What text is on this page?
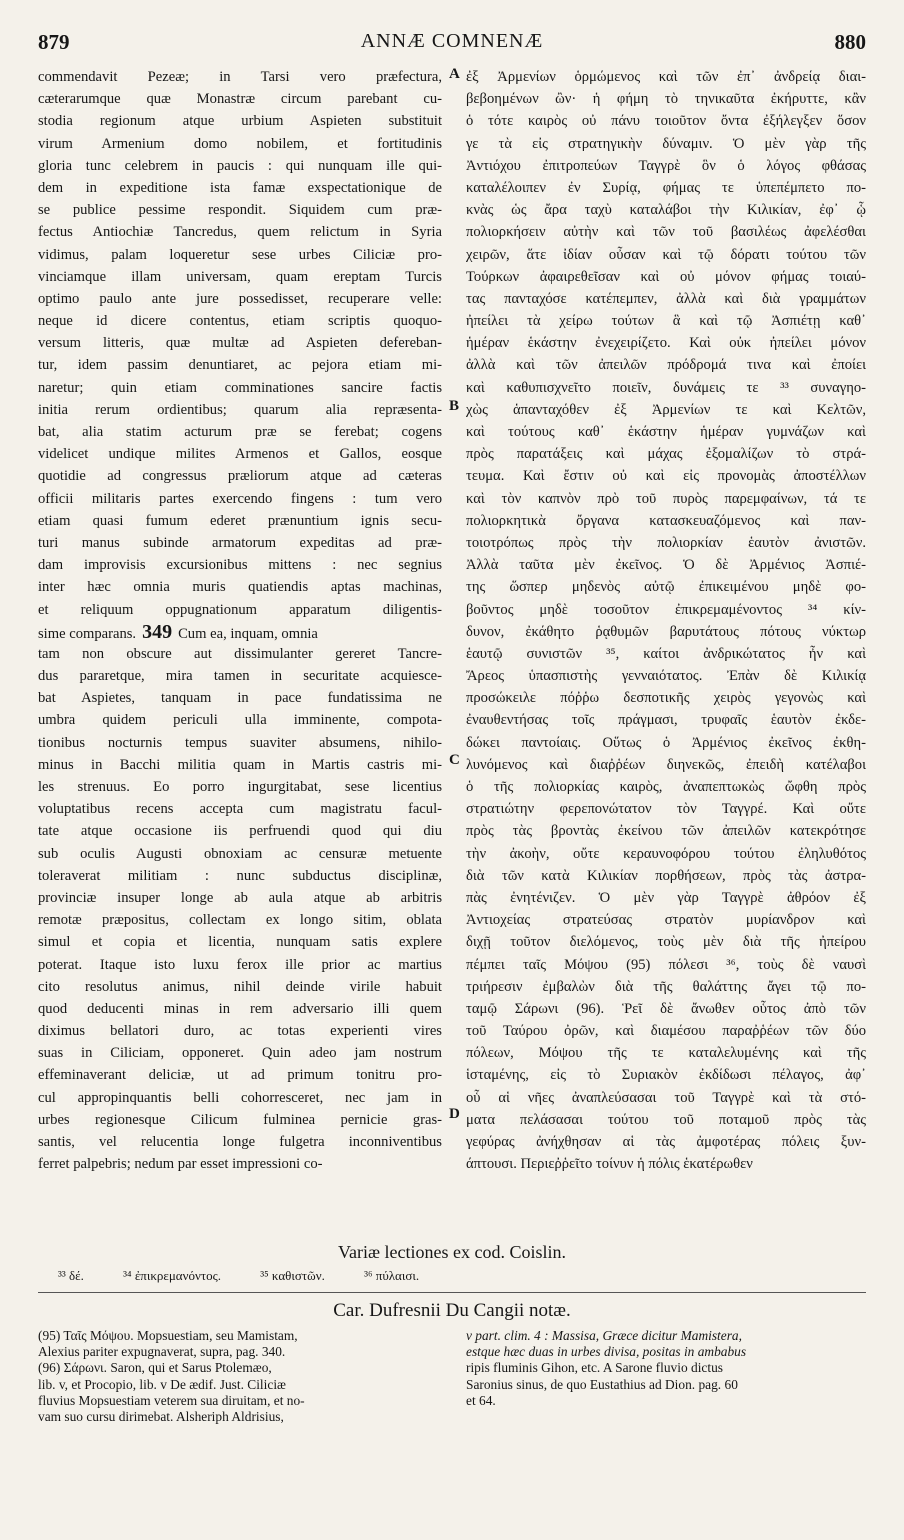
879	ANNÆ COMNENÆ	880
commendavit Pezeæ; in Tarsi vero præfectura,
cæterarumque quæ Monastræ circum parebant cu-
stodia regionum atque urbium Aspieten substituit
virum Armenium domo nobilem, et fortitudinis
gloria tunc celebrem in paucis : qui nunquam ille qui-
dem in expeditione ista famæ exspectationique de
se publice pessime respondit. Siquidem cum præ-
fectus Antiochiæ Tancredus, quem relictum in Syria
vidimus, palam loqueretur sese urbes Ciliciæ pro-
vinciamque illam universam, quam ereptam Turcis
optimo paulo ante jure possedisset, recuperare velle:
neque id dicere contentus, etiam scriptis quoquo-
versum litteris, quæ multæ ad Aspieten defereban-
tur, idem passim denuntiaret, ac pejora etiam mi-
naretur; quin etiam comminationes sancire factis
initia rerum ordientibus; quarum alia repræsenta-
bat, alia statim acturum præ se ferebat; cogens
videlicet undique milites Armenos et Gallos, eosque
quotidie ad congressus præliorum atque ad cæteras
officii militaris partes exercendo fingens : tum vero
etiam quasi fumum ederet prænuntium ignis secu-
turi manus subinde armatorum expeditas ad præ-
dam improvisis excursionibus mittens : nec segnius
inter hæc omnia muris quatiendis aptas machinas,
et reliquum oppugnationum apparatum diligentis-
sime comparans. 349 Cum ea, inquam, omnia
tam non obscure aut dissimulanter gereret Tancre-
dus pararetque, mira tamen in securitate acquiesce-
bat Aspietes, tanquam in pace fundatissima ne
umbra quidem periculi ulla imminente, compota-
tionibus nocturnis tempus suaviter absumens, nihilo-
minus in Bacchi militia quam in Martis castris mi-
les strenuus. Eo porro ingurgitabat, sese licentius
voluptatibus recens accepta cum magistratu facul-
tate atque occasione iis perfruendi quod qui diu
sub oculis Augusti obnoxiam ac censuræ metuente
toleraverat militiam : nunc subductus disciplinæ,
provinciæ insuper longe ab aula atque ab arbitris
remotæ præpositus, collectam ex longo sitim, oblata
simul et copia et licentia, nunquam satis explere
poterat. Itaque isto luxu ferox ille prior ac martius
cito resolutus animus, nihil deinde virile habuit
quod deducenti minas in rem adversario illi quem
diximus bellatori duro, ac totas experienti vires
suas in Ciliciam, opponeret. Quin adeo jam nostrum
effeminaverant deliciæ, ut ad primum tonitru pro-
cul appropinquantis belli cohorresceret, nec jam in
urbes regionesque Cilicum fulminea pernicie gras-
santis, vel relucentia longe fulgetra inconniventibus
ferret palpebris; nedum par esset impressioni co-
A
B
C
D
ἐξ Ἀρμενίων ὁρμώμενος καὶ τῶν ἐπ᾽ ἀνδρείᾳ διαι-
βεβοημένων ὢν· ἡ φήμη τὸ τηνικαῦτα ἐκήρυττε, κἂν
ὁ τότε καιρὸς οὐ πάνυ τοιοῦτον ὄντα ἐξήλεγξεν ὅσον
γε τὰ εἰς στρατηγικὴν δύναμιν. Ὁ μὲν γὰρ τῆς
Ἀντιόχου ἐπιτροπεύων Ταγγρὲ ὃν ὁ λόγος φθάσας
καταλέλοιπεν ἐν Συρίᾳ, φήμας τε ὑπεπέμπετο πο-
κνὰς ὡς ἄρα ταχὺ καταλάβοι τὴν Κιλικίαν, ἐφ᾽ ᾧ
πολιορκήσειν αὐτὴν καὶ τῶν τοῦ βασιλέως ἀφελέσθαι
χειρῶν, ἅτε ἰδίαν οὖσαν καὶ τῷ δόρατι τούτου τῶν
Τούρκων ἀφαιρεθεῖσαν καὶ οὐ μόνον φήμας τοιαύ-
τας πανταχόσε κατέπεμπεν, ἀλλὰ καὶ διὰ γραμμάτων
ἠπείλει τὰ χείρω τούτων ἃ καὶ τῷ Ἀσπιέτῃ καθ᾽
ἡμέραν ἑκάστην ἐνεχειρίζετο. Καὶ οὐκ ἠπείλει μόνον
ἀλλὰ καὶ τῶν ἀπειλῶν πρόδρομά τινα καὶ ἐποίει
καὶ καθυπισχνεῖτο ποιεῖν, δυνάμεις τε ³³ συναγηο-
χὼς ἁπανταχόθεν ἐξ Ἀρμενίων τε καὶ Κελτῶν,
καὶ τούτους καθ᾽ ἑκάστην ἡμέραν γυμνάζων καὶ
πρὸς παρατάξεις καὶ μάχας ἐξομαλίζων τὸ στρά-
τευμα. Καὶ ἔστιν οὐ καὶ εἰς προνομὰς ἀποστέλλων
καὶ τὸν καπνὸν πρὸ τοῦ πυρὸς παρεμφαίνων, τά τε
πολιορκητικὰ ὄργανα κατασκευαζόμενος καὶ παν-
τοιοτρόπως πρὸς τὴν πολιορκίαν ἑαυτὸν ἀνιστῶν.
Ἀλλὰ ταῦτα μὲν ἐκεῖνος. Ὁ δὲ Ἀρμένιος Ἀσπιέ-
της ὥσπερ μηδενὸς αὐτῷ ἐπικειμένου μηδὲ φο-
βοῦντος μηδὲ τοσοῦτον ἐπικρεμαμένοντος ³⁴ κίν-
δυνον, ἐκάθητο ῥᾳθυμῶν βαρυτάτους πότους νύκτωρ
ἑαυτῷ συνιστῶν ³⁵, καίτοι ἀνδρικώτατος ἦν καὶ
Ἄρεος ὑπασπιστὴς γενναιότατος. Ἐπὰν δὲ Κιλικίᾳ
προσώκειλε πόῤῥω δεσποτικῆς χειρὸς γεγονὼς καὶ
ἐναυθεντήσας τοῖς πράγμασι, τρυφαῖς ἑαυτὸν ἐκδε-
δώκει παντοίαις. Οὕτως ὁ Ἀρμένιος ἐκεῖνος ἐκθη-
λυνόμενος καὶ διαῤῥέων διηνεκῶς, ἐπειδὴ κατέλαβοι
ὁ τῆς πολιορκίας καιρὸς, ἀναπεπτωκὼς ὤφθη πρὸς
στρατιώτην φερεπονώτατον τὸν Ταγγρέ. Καὶ οὔτε
πρὸς τὰς βροντὰς ἐκείνου τῶν ἀπειλῶν κατεκρότησε
τὴν ἀκοὴν, οὔτε κεραυνοφόρου τούτου ἐληλυθότος
διὰ τῶν κατὰ Κιλικίαν πορθήσεων, πρὸς τὰς ἀστρα-
πὰς ἐνητένιζεν. Ὁ μὲν γὰρ Ταγγρὲ ἀθρόον ἐξ
Ἀντιοχείας στρατεύσας στρατὸν μυρίανδρον καὶ
διχῇ τοῦτον διελόμενος, τοὺς μὲν διὰ τῆς ἠπείρου
πέμπει ταῖς Μόψου (95) πόλεσι ³⁶, τοὺς δὲ ναυσὶ
τριήρεσιν ἐμβαλὼν διὰ τῆς θαλάττης ἄγει τῷ πο-
ταμῷ Σάρωνι (96). Ῥεῖ δὲ ἄνωθεν οὗτος ἀπὸ τῶν
τοῦ Ταύρου ὀρῶν, καὶ διαμέσου παραῤῥέων τῶν δύο
πόλεων, Μόψου τῆς τε καταλελυμένης καὶ τῆς
ἱσταμένης, εἰς τὸ Συριακὸν ἐκδίδωσι πέλαγος, ἀφ᾽
οὗ αἱ νῆες ἀναπλεύσασαι τοῦ Ταγγρὲ καὶ τὰ στό-
ματα πελάσασαι τούτου τοῦ ποταμοῦ πρὸς τὰς
γεφύρας ἀνήχθησαν αἱ τὰς ἀμφοτέρας πόλεις ξυν-
άπτουσι. Περιεῤῥεῖτο τοίνυν ἡ πόλις ἑκατέρωθεν
Variæ lectiones ex cod. Coislin.
³³ δέ.	³⁴ ἐπικρεμανόντος.	³⁵ καθιστῶν.	³⁶ πύλαισι.
Car. Dufresnii Du Cangii notæ.
(95) Ταῖς Μόψου. Mopsuestiam, seu Mamistam,
Alexius pariter expugnaverat, supra, pag. 340.
(96) Σάρωνι. Saron, qui et Sarus Ptolemæo,
lib. v, et Procopio, lib. v De ædif. Just. Ciliciæ
fluvius Mopsuestiam veterem sua diruitam, et no-
vam suo cursu dirimebat. Alsheriph Aldrisius,
v part. clim. 4 : Massisa, Græce dicitur Mamistera,
estque hæc duas in urbes divisa, positas in ambabus
ripis fluminis Gihon, etc. A Sarone fluvio dictus
Saronius sinus, de quo Eustathius ad Dion. pag. 60
et 64.
